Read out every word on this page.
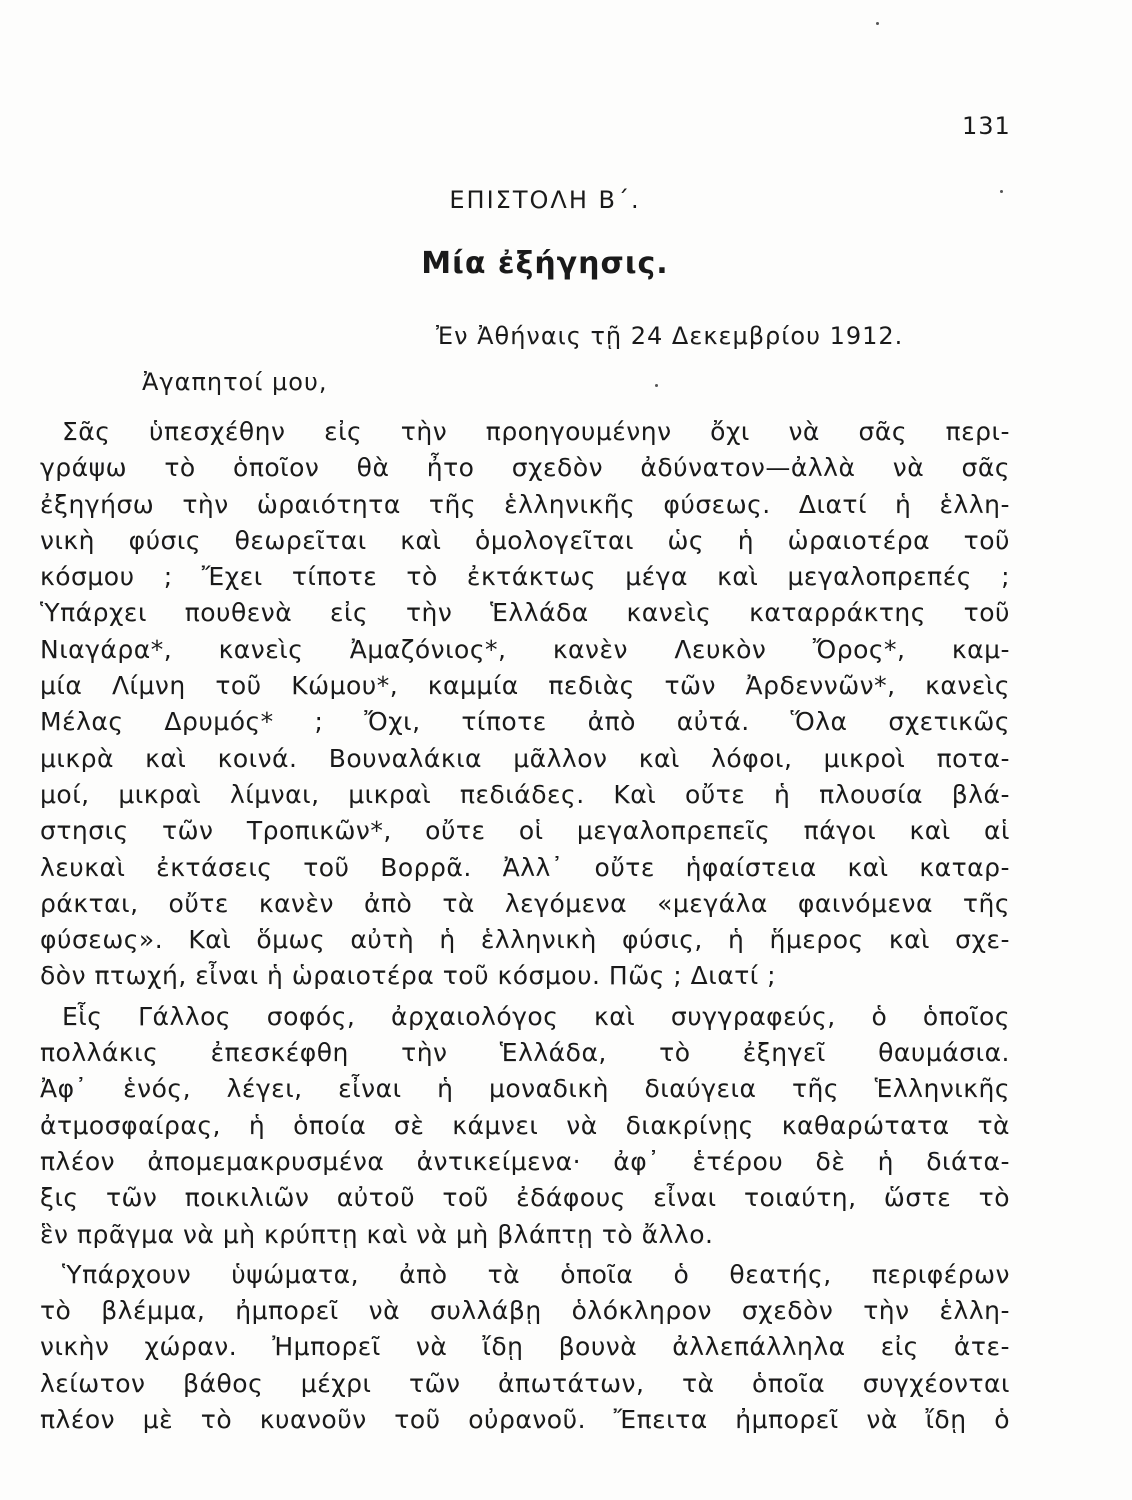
131
ΕΠΙΣΤΟΛΗ Β΄.
Μία ἐξήγησις.
Ἐν Ἀθήναις τῇ 24 Δεκεμβρίου 1912.
Ἀγαπητοί μου,
Σᾶς ὑπεσχέθην εἰς τὴν προηγουμένην ὄχι νὰ σᾶς περι-
γράψω τὸ ὁποῖον θὰ ἦτο σχεδὸν ἀδύνατον—ἀλλὰ νὰ σᾶς
ἐξηγήσω τὴν ὡραιότητα τῆς ἑλληνικῆς φύσεως. Διατί ἡ ἑλλη-
νικὴ φύσις θεωρεῖται καὶ ὁμολογεῖται ὡς ἡ ὡραιοτέρα τοῦ
κόσμου ; Ἔχει τίποτε τὸ ἐκτάκτως μέγα καὶ μεγαλοπρεπές ;
Ὑπάρχει πουθενὰ εἰς τὴν Ἑλλάδα κανεὶς καταρράκτης τοῦ
Νιαγάρα*, κανεὶς Ἀμαζόνιος*, κανὲν Λευκὸν Ὄρος*, καμ-
μία Λίμνη τοῦ Κώμου*, καμμία πεδιὰς τῶν Ἀρδεννῶν*, κανεὶς
Μέλας Δρυμός* ; Ὄχι, τίποτε ἀπὸ αὐτά. Ὅλα σχετικῶς
μικρὰ καὶ κοινά. Βουναλάκια μᾶλλον καὶ λόφοι, μικροὶ ποτα-
μοί, μικραὶ λίμναι, μικραὶ πεδιάδες. Καὶ οὔτε ἡ πλουσία βλά-
στησις τῶν Τροπικῶν*, οὔτε οἱ μεγαλοπρεπεῖς πάγοι καὶ αἱ
λευκαὶ ἐκτάσεις τοῦ Βορρᾶ. Ἀλλ᾽ οὔτε ἡφαίστεια καὶ καταρ-
ράκται, οὔτε κανὲν ἀπὸ τὰ λεγόμενα «μεγάλα φαινόμενα τῆς
φύσεως». Καὶ ὅμως αὐτὴ ἡ ἑλληνικὴ φύσις, ἡ ἥμερος καὶ σχε-
δὸν πτωχή, εἶναι ἡ ὡραιοτέρα τοῦ κόσμου. Πῶς ; Διατί ;
Εἷς Γάλλος σοφός, ἀρχαιολόγος καὶ συγγραφεύς, ὁ ὁποῖος
πολλάκις ἐπεσκέφθη τὴν Ἑλλάδα, τὸ ἐξηγεῖ θαυμάσια.
Ἀφ᾽ ἑνός, λέγει, εἶναι ἡ μοναδικὴ διαύγεια τῆς Ἑλληνικῆς
ἀτμοσφαίρας, ἡ ὁποία σὲ κάμνει νὰ διακρίνῃς καθαρώτατα τὰ
πλέον ἀπομεμακρυσμένα ἀντικείμενα· ἀφ᾽ ἑτέρου δὲ ἡ διάτα-
ξις τῶν ποικιλιῶν αὐτοῦ τοῦ ἐδάφους εἶναι τοιαύτη, ὥστε τὸ
ἓν πρᾶγμα νὰ μὴ κρύπτῃ καὶ νὰ μὴ βλάπτῃ τὸ ἄλλο.
Ὑπάρχουν ὑψώματα, ἀπὸ τὰ ὁποῖα ὁ θεατής, περιφέρων
τὸ βλέμμα, ἠμπορεῖ νὰ συλλάβῃ ὁλόκληρον σχεδὸν τὴν ἑλλη-
νικὴν χώραν. Ἠμπορεῖ νὰ ἴδῃ βουνὰ ἀλλεπάλληλα εἰς ἀτε-
λείωτον βάθος μέχρι τῶν ἀπωτάτων, τὰ ὁποῖα συγχέονται
πλέον μὲ τὸ κυανοῦν τοῦ οὐρανοῦ. Ἔπειτα ἠμπορεῖ νὰ ἴδῃ ὁ
